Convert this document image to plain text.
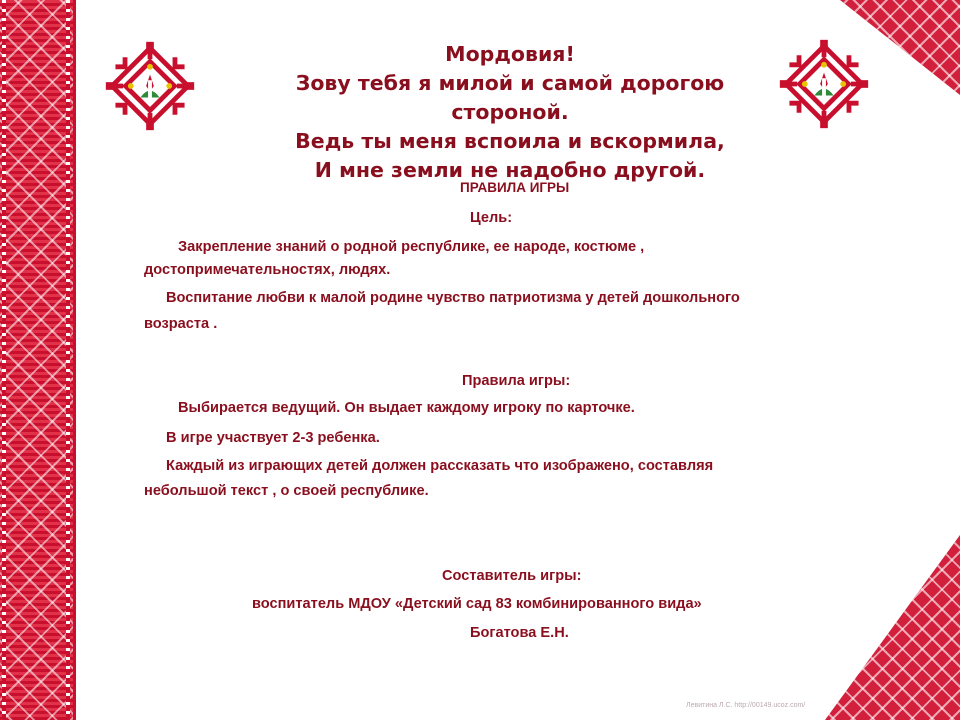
Мордовия!
Зову тебя я милой и самой дорогою
стороной.
Ведь ты меня вспоила и вскормила,
И мне земли не надобно другой.
ПРАВИЛА ИГРЫ
Цель:
Закрепление знаний о родной республике, ее народе, костюме ,
достопримечательностях, людях.
Воспитание любви к малой родине чувство патриотизма у детей дошкольного
возраста .
Правила игры:
Выбирается ведущий. Он выдает каждому игроку по карточке.
В игре участвует 2-3 ребенка.
Каждый из играющих детей должен рассказать что изображено, составляя
небольшой текст , о своей республике.
Составитель игры:
воспитатель МДОУ «Детский сад 83 комбинированного вида»
Богатова Е.Н.
Левитина Л.С. http://00149.ucoz.com/
